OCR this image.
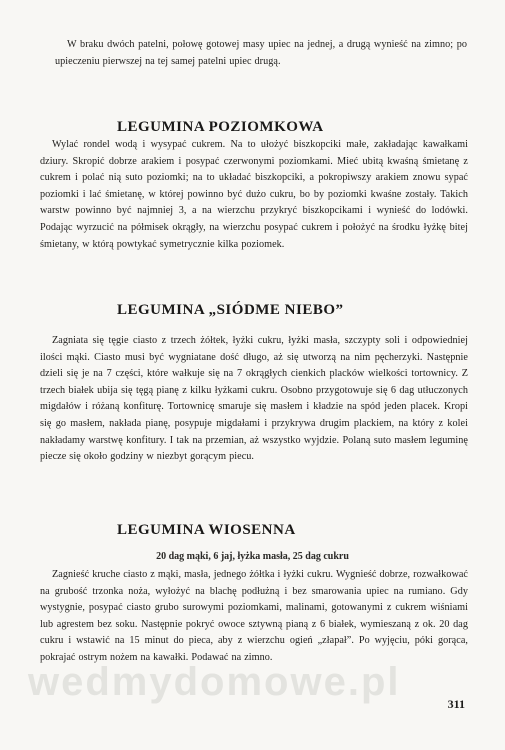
W braku dwóch patelni, połowę gotowej masy upiec na jednej, a drugą wynieść na zimno; po upieczeniu pierwszej na tej samej patelni upiec drugą.

LEGUMINA POZIOMKOWA

Wylać rondel wodą i wysypać cukrem. Na to ułożyć biszkopciki małe, zakładając kawałkami dziury. Skropić dobrze arakiem i posypać czerwonymi poziomkami. Mieć ubitą kwaśną śmietanę z cukrem i polać nią suto poziomki; na to układać biszkopciki, a pokropiwszy arakiem znowu sypać poziomki i lać śmietanę, w której powinno być dużo cukru, bo by poziomki kwaśne zostały. Takich warstw powinno być najmniej 3, a na wierzchu przykryć biszkopcikami i wynieść do lodówki. Podając wyrzucić na półmisek okrągły, na wierzchu posypać cukrem i położyć na środku łyżkę bitej śmietany, w którą powtykać symetrycznie kilka poziomek.

LEGUMINA „SIÓDME NIEBO”

Zagniata się tęgie ciasto z trzech żółtek, łyżki cukru, łyżki masła, szczypty soli i odpowiedniej ilości mąki. Ciasto musi być wygniatane dość długo, aż się utworzą na nim pęcherzyki. Następnie dzieli się je na 7 części, które wałkuje się na 7 okrągłych cienkich placków wielkości tortownicy. Z trzech białek ubija się tęgą pianę z kilku łyżkami cukru. Osobno przygotowuje się 6 dag utłuczonych migdałów i różaną konfiturę. Tortownicę smaruje się masłem i kładzie na spód jeden placek. Kropi się go masłem, nakłada pianę, posypuje migdałami i przykrywa drugim plackiem, na który z kolei nakładamy warstwę konfitury. I tak na przemian, aż wszystko wyjdzie. Polaną suto masłem leguminę piecze się około godziny w niezbyt gorącym piecu.

LEGUMINA WIOSENNA

20 dag mąki, 6 jaj, łyżka masła, 25 dag cukru

Zagnieść kruche ciasto z mąki, masła, jednego żółtka i łyżki cukru. Wygnieść dobrze, rozwałkować na grubość trzonka noża, wyłożyć na blachę podłużną i bez smarowania upiec na rumiano. Gdy wystygnie, posypać ciasto grubo surowymi poziomkami, malinami, gotowanymi z cukrem wiśniami lub agrestem bez soku. Następnie pokryć owoce sztywną pianą z 6 białek, wymieszaną z ok. 20 dag cukru i wstawić na 15 minut do pieca, aby z wierzchu ogień „złapał”. Po wyjęciu, póki gorąca, pokrajać ostrym nożem na kawałki. Podawać na zimno.

wedmydomowe.pl	311
